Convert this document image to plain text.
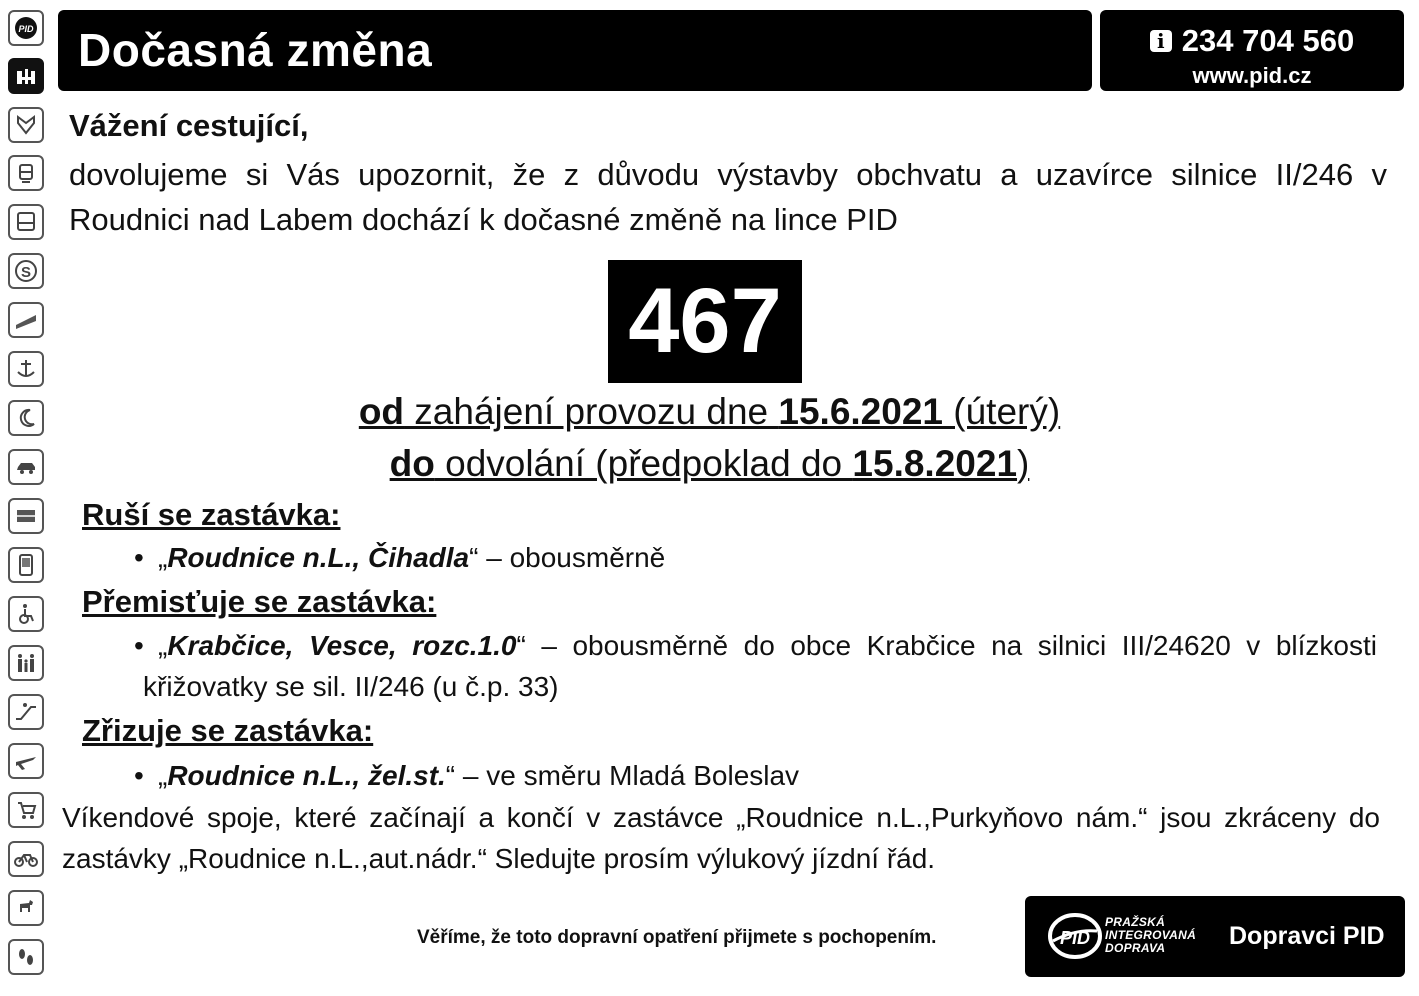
PID
S
Dočasná změna	i 234 704 560
www.pid.cz
Vážení cestující,
dovolujeme si Vás upozornit, že z důvodu výstavby obchvatu a uzavírce silnice II/246 v Roudnici nad Labem dochází k dočasné změně na lince PID
467
od zahájení provozu dne 15.6.2021 (úterý)
do odvolání (předpoklad do 15.8.2021)
Ruší se zastávka:
• „Roudnice n.L., Čihadla“ – obousměrně
Přemisťuje se zastávka:
• „Krabčice, Vesce, rozc.1.0“ – obousměrně do obce Krabčice na silnici III/24620 v blízkosti
křižovatky se sil. II/246 (u č.p. 33)
Zřizuje se zastávka:
• „Roudnice n.L., žel.st.“ – ve směru Mladá Boleslav
Víkendové spoje, které začínají a končí v zastávce „Roudnice n.L.,Purkyňovo nám.“ jsou zkráceny do zastávky „Roudnice n.L.,aut.nádr.“ Sledujte prosím výlukový jízdní řád.
Věříme, že toto dopravní opatření přijmete s pochopením.	PID
PRAŽSKÁ
INTEGROVANÁ
DOPRAVA	Dopravci PID
